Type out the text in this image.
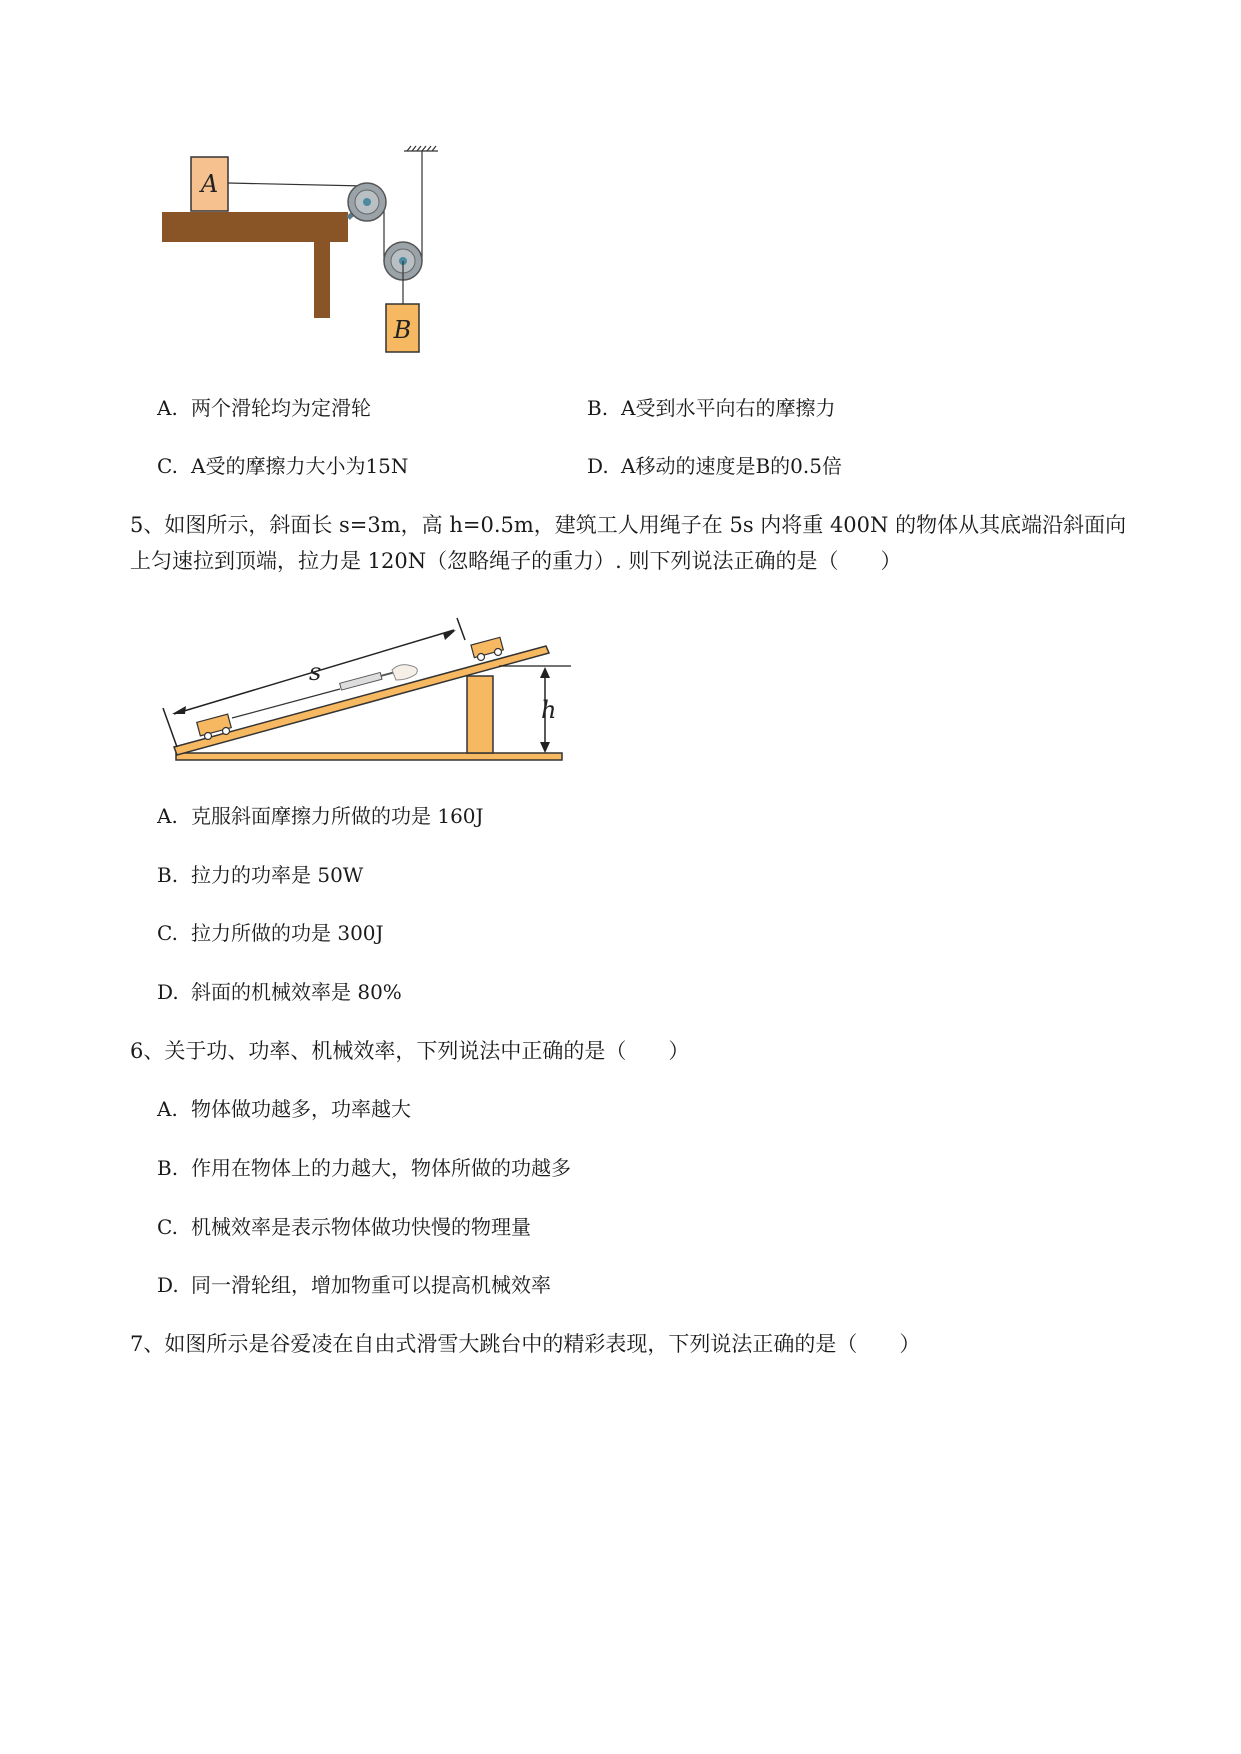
A
B
A. 两个滑轮均为定滑轮	B. A受到水平向右的摩擦力
C. A受的摩擦力大小为15N	D. A移动的速度是B的0.5倍
5、如图所示，斜面长 s=3m，高 h=0.5m，建筑工人用绳子在 5s 内将重 400N 的物体从其底端沿斜面向
上匀速拉到顶端，拉力是 120N（忽略绳子的重力）. 则下列说法正确的是（　　）
s
h
A. 克服斜面摩擦力所做的功是 160J
B. 拉力的功率是 50W
C. 拉力所做的功是 300J
D. 斜面的机械效率是 80%
6、关于功、功率、机械效率，下列说法中正确的是（　　）
A. 物体做功越多，功率越大
B. 作用在物体上的力越大，物体所做的功越多
C. 机械效率是表示物体做功快慢的物理量
D. 同一滑轮组，增加物重可以提高机械效率
7、如图所示是谷爱凌在自由式滑雪大跳台中的精彩表现，下列说法正确的是（　　）
